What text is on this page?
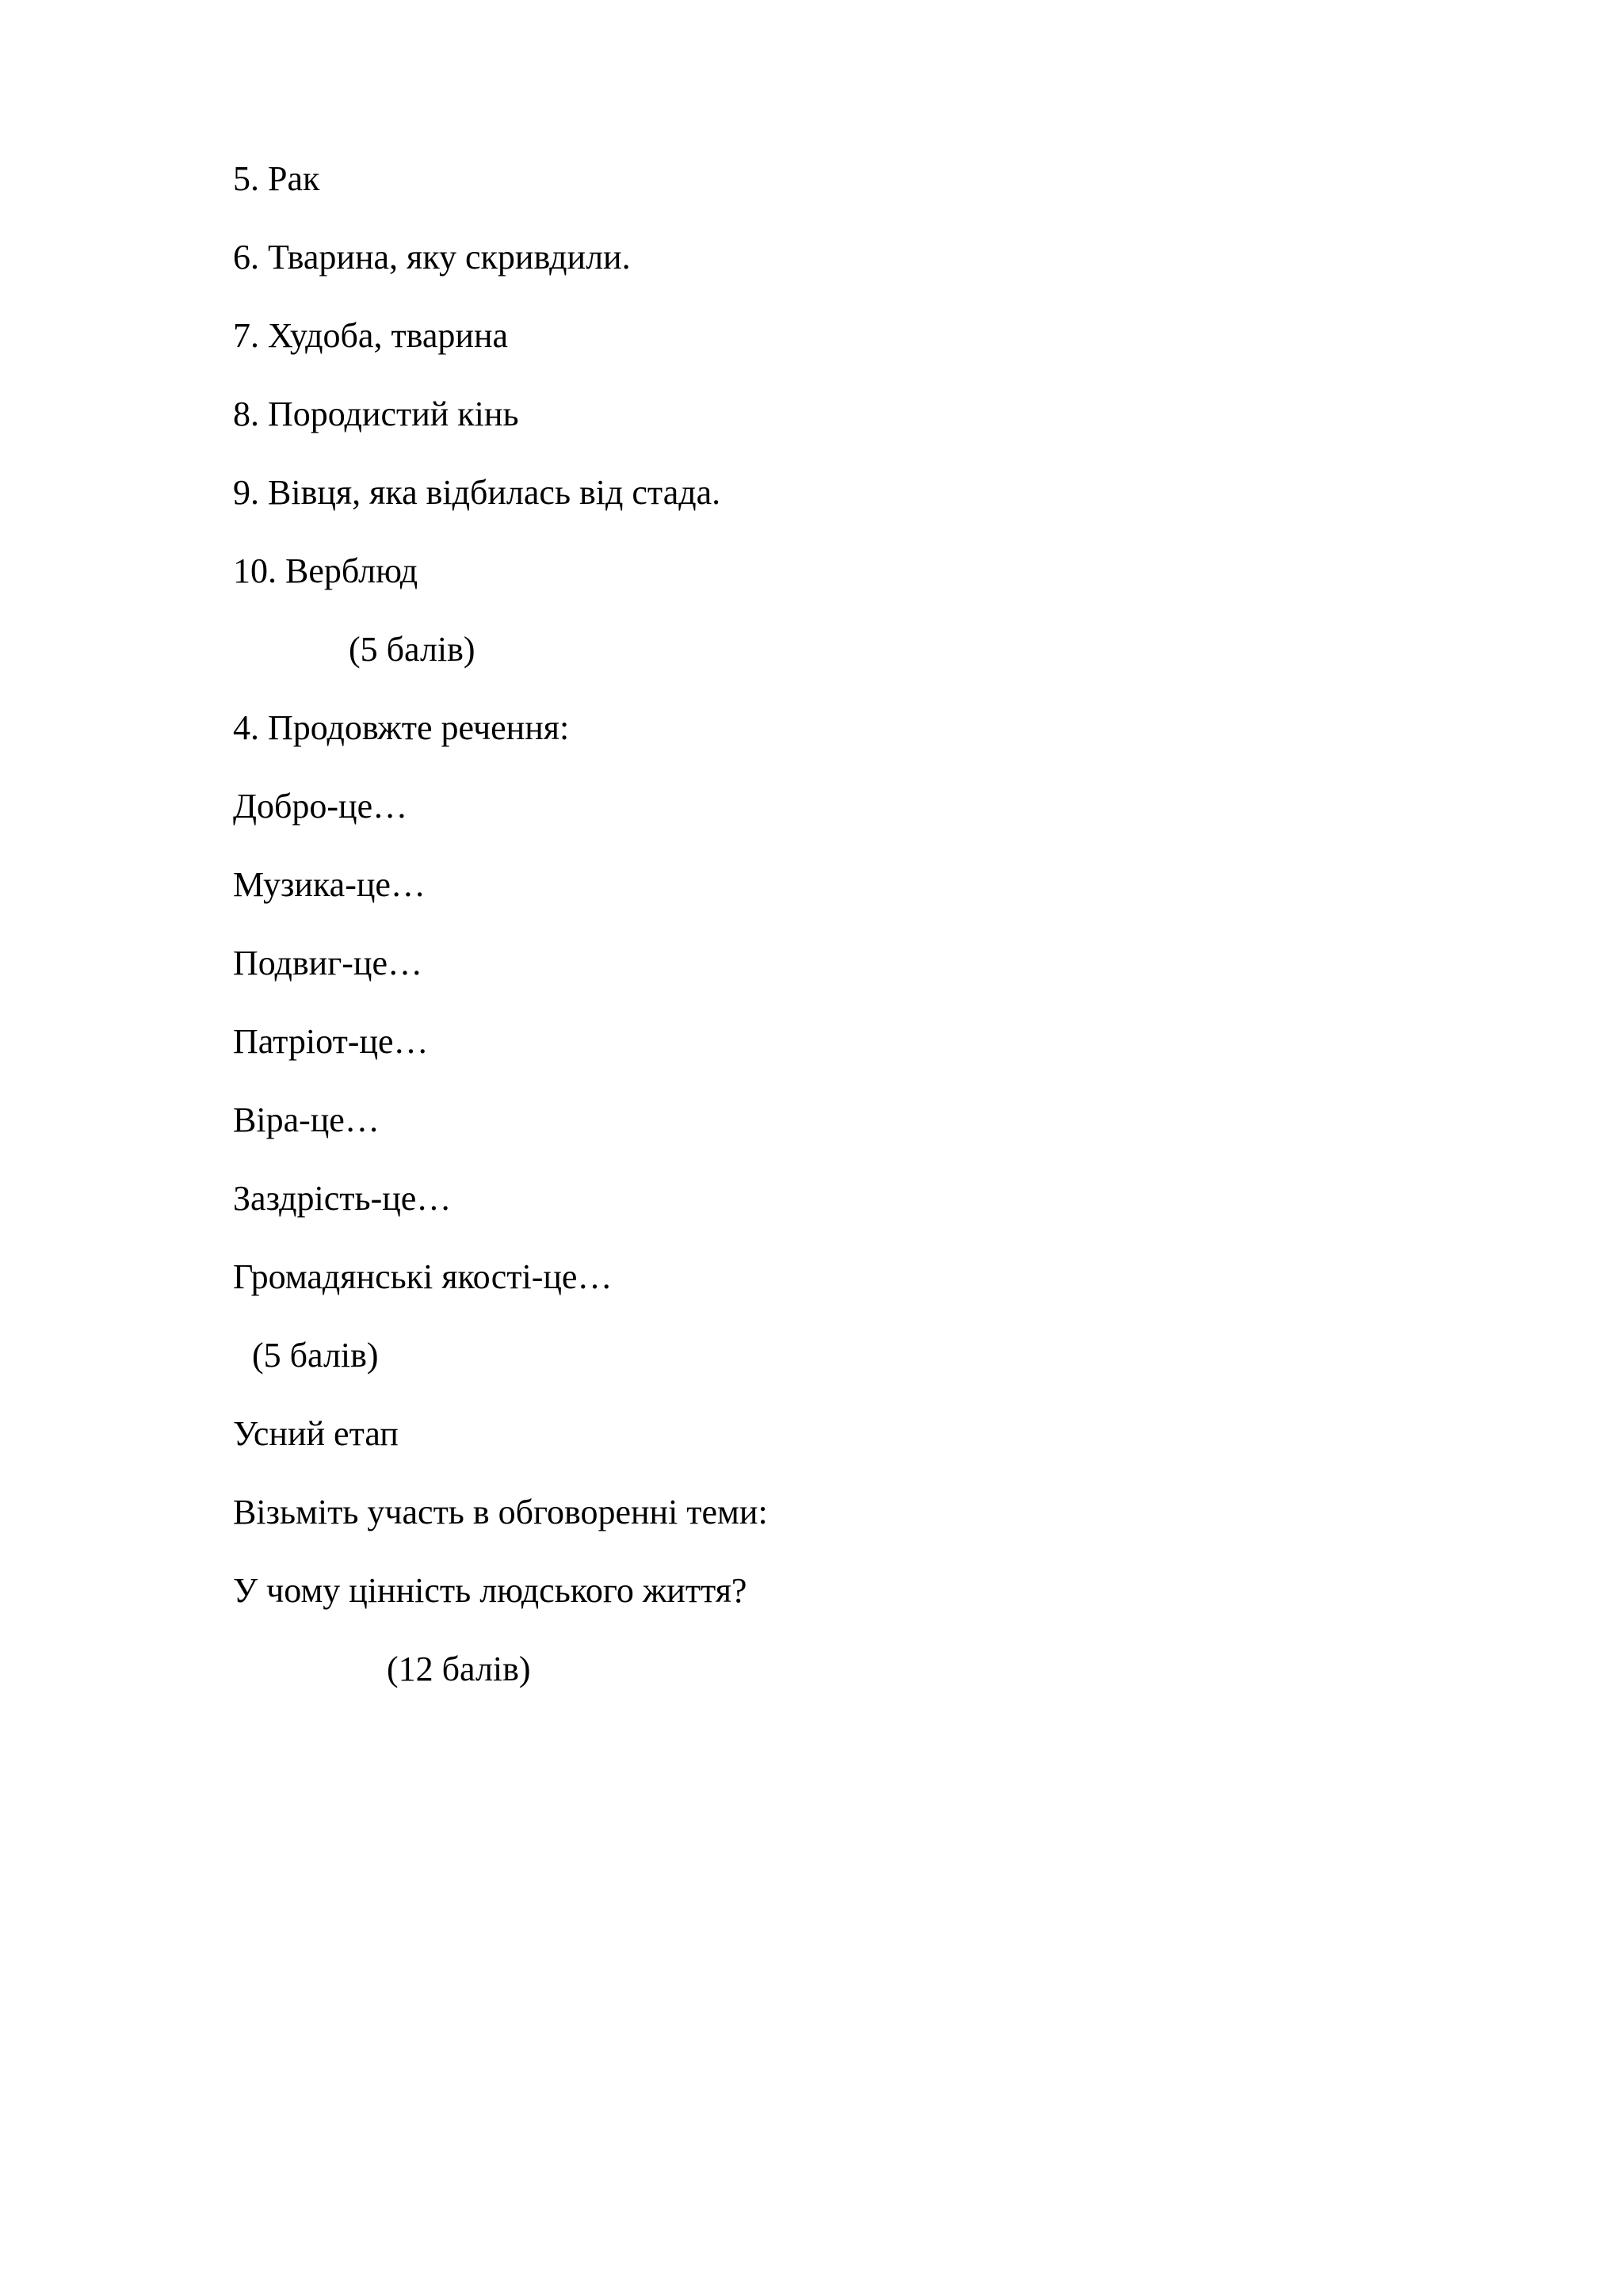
5. Рак

6. Тварина, яку скривдили.

7. Худоба, тварина

8. Породистий кінь

9. Вівця, яка відбилась від стада.

10. Верблюд

(5 балів)

4. Продовжте речення:

Добро-це…

Музика-це…

Подвиг-це…

Патріот-це…

Віра-це…

Заздрість-це…

Громадянські якості-це…

(5 балів)

Усний етап

Візьміть участь в обговоренні теми:

У чому цінність людського життя?

(12 балів)
